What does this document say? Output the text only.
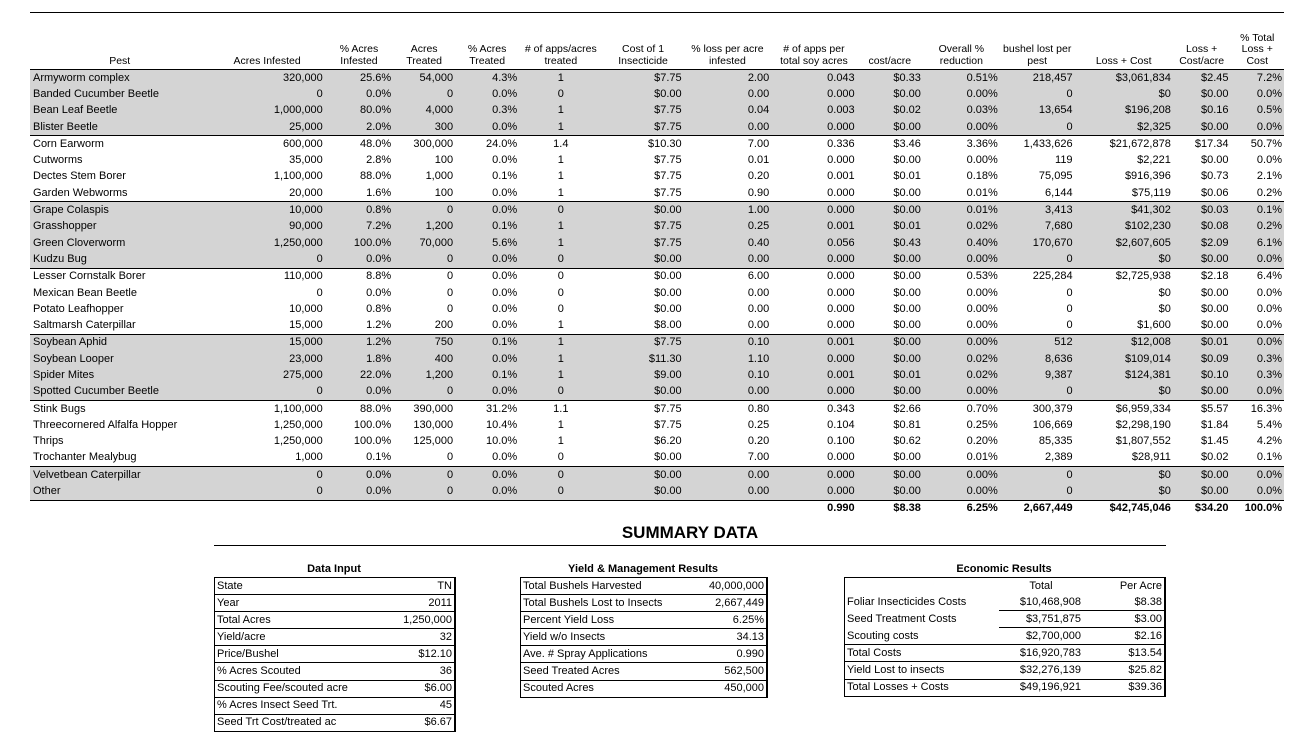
Pest	Acres Infested	% Acres Infested	Acres Treated	% Acres Treated	# of apps/acres treated	Cost of 1 Insecticide	% loss per acre infested	# of apps per total soy acres	cost/acre	Overall % reduction	bushel lost per pest	Loss + Cost	Loss + Cost/acre	% Total Loss + Cost
Armyworm complex	320,000	25.6%	54,000	4.3%	1	$7.75	2.00	0.043	$0.33	0.51%	218,457	$3,061,834	$2.45	7.2%
Banded Cucumber Beetle	0	0.0%	0	0.0%	0	$0.00	0.00	0.000	$0.00	0.00%	0	$0	$0.00	0.0%
Bean Leaf Beetle	1,000,000	80.0%	4,000	0.3%	1	$7.75	0.04	0.003	$0.02	0.03%	13,654	$196,208	$0.16	0.5%
Blister Beetle	25,000	2.0%	300	0.0%	1	$7.75	0.00	0.000	$0.00	0.00%	0	$2,325	$0.00	0.0%
Corn Earworm	600,000	48.0%	300,000	24.0%	1.4	$10.30	7.00	0.336	$3.46	3.36%	1,433,626	$21,672,878	$17.34	50.7%
Cutworms	35,000	2.8%	100	0.0%	1	$7.75	0.01	0.000	$0.00	0.00%	119	$2,221	$0.00	0.0%
Dectes Stem Borer	1,100,000	88.0%	1,000	0.1%	1	$7.75	0.20	0.001	$0.01	0.18%	75,095	$916,396	$0.73	2.1%
Garden Webworms	20,000	1.6%	100	0.0%	1	$7.75	0.90	0.000	$0.00	0.01%	6,144	$75,119	$0.06	0.2%
Grape Colaspis	10,000	0.8%	0	0.0%	0	$0.00	1.00	0.000	$0.00	0.01%	3,413	$41,302	$0.03	0.1%
Grasshopper	90,000	7.2%	1,200	0.1%	1	$7.75	0.25	0.001	$0.01	0.02%	7,680	$102,230	$0.08	0.2%
Green Cloverworm	1,250,000	100.0%	70,000	5.6%	1	$7.75	0.40	0.056	$0.43	0.40%	170,670	$2,607,605	$2.09	6.1%
Kudzu Bug	0	0.0%	0	0.0%	0	$0.00	0.00	0.000	$0.00	0.00%	0	$0	$0.00	0.0%
Lesser Cornstalk Borer	110,000	8.8%	0	0.0%	0	$0.00	6.00	0.000	$0.00	0.53%	225,284	$2,725,938	$2.18	6.4%
Mexican Bean Beetle	0	0.0%	0	0.0%	0	$0.00	0.00	0.000	$0.00	0.00%	0	$0	$0.00	0.0%
Potato Leafhopper	10,000	0.8%	0	0.0%	0	$0.00	0.00	0.000	$0.00	0.00%	0	$0	$0.00	0.0%
Saltmarsh Caterpillar	15,000	1.2%	200	0.0%	1	$8.00	0.00	0.000	$0.00	0.00%	0	$1,600	$0.00	0.0%
Soybean Aphid	15,000	1.2%	750	0.1%	1	$7.75	0.10	0.001	$0.00	0.00%	512	$12,008	$0.01	0.0%
Soybean Looper	23,000	1.8%	400	0.0%	1	$11.30	1.10	0.000	$0.00	0.02%	8,636	$109,014	$0.09	0.3%
Spider Mites	275,000	22.0%	1,200	0.1%	1	$9.00	0.10	0.001	$0.01	0.02%	9,387	$124,381	$0.10	0.3%
Spotted Cucumber Beetle	0	0.0%	0	0.0%	0	$0.00	0.00	0.000	$0.00	0.00%	0	$0	$0.00	0.0%
Stink Bugs	1,100,000	88.0%	390,000	31.2%	1.1	$7.75	0.80	0.343	$2.66	0.70%	300,379	$6,959,334	$5.57	16.3%
Threecornered Alfalfa Hopper	1,250,000	100.0%	130,000	10.4%	1	$7.75	0.25	0.104	$0.81	0.25%	106,669	$2,298,190	$1.84	5.4%
Thrips	1,250,000	100.0%	125,000	10.0%	1	$6.20	0.20	0.100	$0.62	0.20%	85,335	$1,807,552	$1.45	4.2%
Trochanter Mealybug	1,000	0.1%	0	0.0%	0	$0.00	7.00	0.000	$0.00	0.01%	2,389	$28,911	$0.02	0.1%
Velvetbean Caterpillar	0	0.0%	0	0.0%	0	$0.00	0.00	0.000	$0.00	0.00%	0	$0	$0.00	0.0%
Other	0	0.0%	0	0.0%	0	$0.00	0.00	0.000	$0.00	0.00%	0	$0	$0.00	0.0%
								0.990	$8.38	6.25%	2,667,449	$42,745,046	$34.20	100.0%
SUMMARY DATA
Data Input
State	TN
Year	2011
Total Acres	1,250,000
Yield/acre	32
Price/Bushel	$12.10
% Acres Scouted	36
Scouting Fee/scouted acre	$6.00
% Acres Insect Seed Trt.	45
Seed Trt Cost/treated ac	$6.67
Yield & Management Results
Total Bushels Harvested	40,000,000
Total Bushels Lost to Insects	2,667,449
Percent Yield Loss	6.25%
Yield w/o Insects	34.13
Ave. # Spray Applications	0.990
Seed Treated Acres	562,500
Scouted Acres	450,000
Economic Results
	Total	Per Acre
Foliar Insecticides Costs	$10,468,908	$8.38
Seed Treatment Costs	$3,751,875	$3.00
Scouting costs	$2,700,000	$2.16
Total Costs	$16,920,783	$13.54
Yield Lost to insects	$32,276,139	$25.82
Total Losses + Costs	$49,196,921	$39.36
